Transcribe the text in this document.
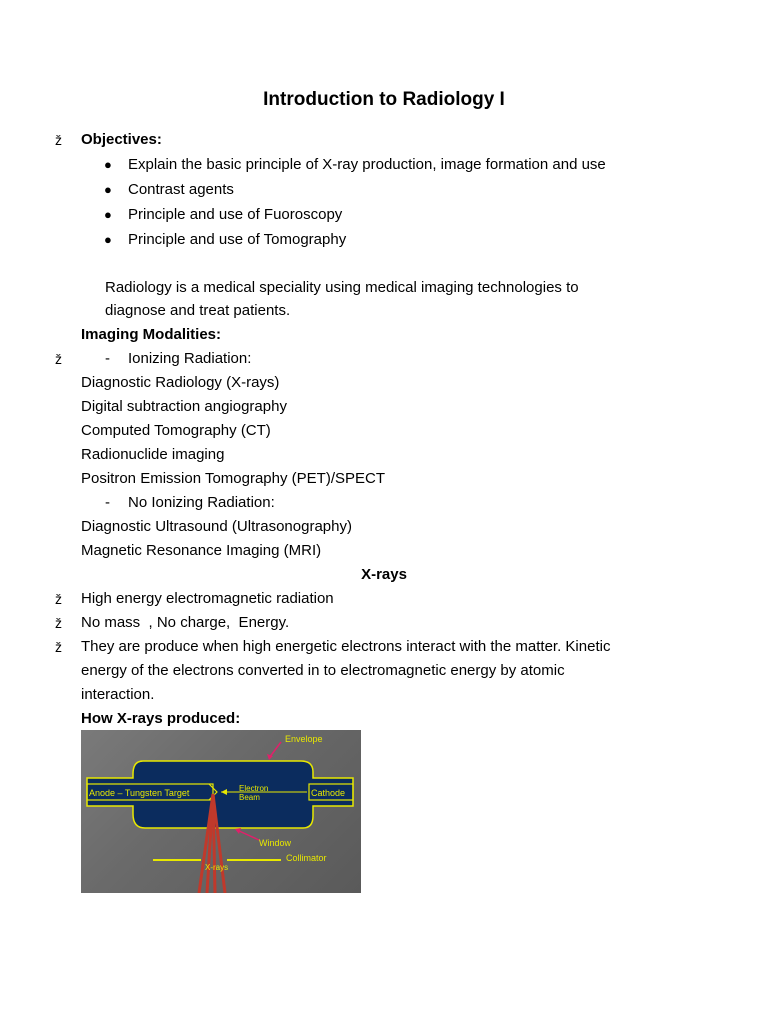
Introduction to Radiology I
ž Objectives:
● Explain the basic principle of X-ray production, image formation and use
● Contrast agents
● Principle and use of Fuoroscopy
● Principle and use of Tomography
Radiology is a medical speciality using medical imaging technologies to
diagnose and treat patients.
Imaging Modalities:
ž	- Ionizing Radiation:
Diagnostic Radiology (X-rays)
Digital subtraction angiography
Computed Tomography (CT)
Radionuclide imaging
Positron Emission Tomography (PET)/SPECT
- No Ionizing Radiation:
Diagnostic Ultrasound (Ultrasonography)
Magnetic Resonance Imaging (MRI)
X-rays
ž High energy electromagnetic radiation
ž No mass  , No charge,  Energy.
ž They are produce when high energetic electrons interact with the matter. Kinetic
energy of the electrons converted in to electromagnetic energy by atomic
interaction.
How X-rays produced:
Envelope
Anode – Tungsten Target	Electron
Beam	Cathode
Window
Collimator
X-rays
